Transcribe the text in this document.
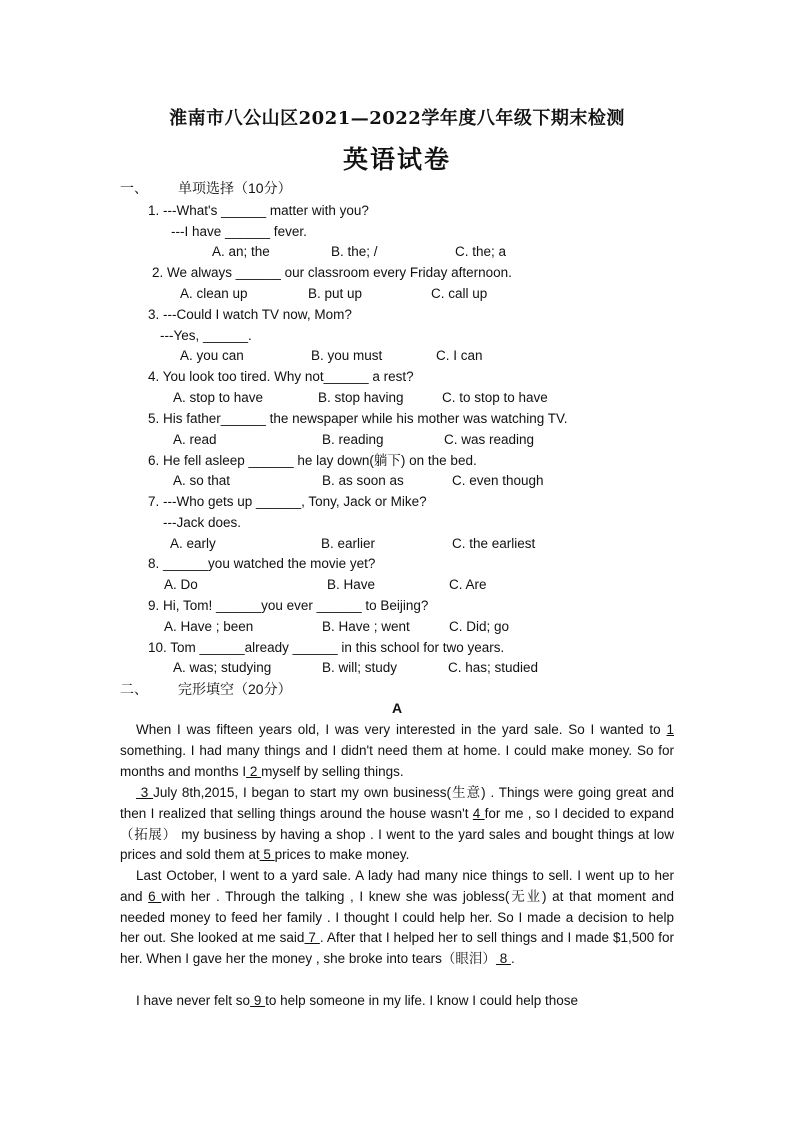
淮南市八公山区2021—2022学年度八年级下期末检测
英语试卷
一、 单项选择（10分）
1. ---What's ______ matter with you?
---I have ______ fever.
A. an; the	B. the; /	C. the; a
2. We always ______ our classroom every Friday afternoon.
A. clean up	B. put up	C. call up
3. ---Could I watch TV now, Mom?
---Yes, ______.
A. you can	B. you must	C. I can
4. You look too tired. Why not______ a rest?
A. stop to have	B. stop having	C. to stop to have
5. His father______ the newspaper while his mother was watching TV.
A. read	B. reading	C. was reading
6. He fell asleep ______ he lay down(躺下) on the bed.
A. so that	B. as soon as	C. even though
7. ---Who gets up ______, Tony, Jack or Mike?
---Jack does.
A. early	B. earlier	C. the earliest
8. ______you watched the movie yet?
A. Do	B. Have	C. Are
9. Hi, Tom! ______you ever ______ to Beijing?
A. Have ; been	B. Have ; went	C. Did; go
10. Tom ______already ______ in this school for two years.
A. was; studying	B. will; study	C. has; studied
二、 完形填空（20分）
A
When I was fifteen years old, I was very interested in the yard sale. So I wanted to 1 something. I had many things and I didn't need them at home. I could make money. So for months and months I 2 myself by selling things.
3 July 8th,2015, I began to start my own business(生意) . Things were going great and then I realized that selling things around the house wasn't 4 for me , so I decided to expand （拓展） my business by having a shop . I went to the yard sales and bought things at low prices and sold them at 5 prices to make money.
Last October, I went to a yard sale. A lady had many nice things to sell. I went up to her and 6 with her . Through the talking , I knew she was jobless(无业) at that moment and needed money to feed her family . I thought I could help her. So I made a decision to help her out. She looked at me said 7 . After that I helped her to sell things and I made $1,500 for her. When I gave her the money , she broke into tears（眼泪） 8 .
I have never felt so 9 to help someone in my life. I know I could help those
